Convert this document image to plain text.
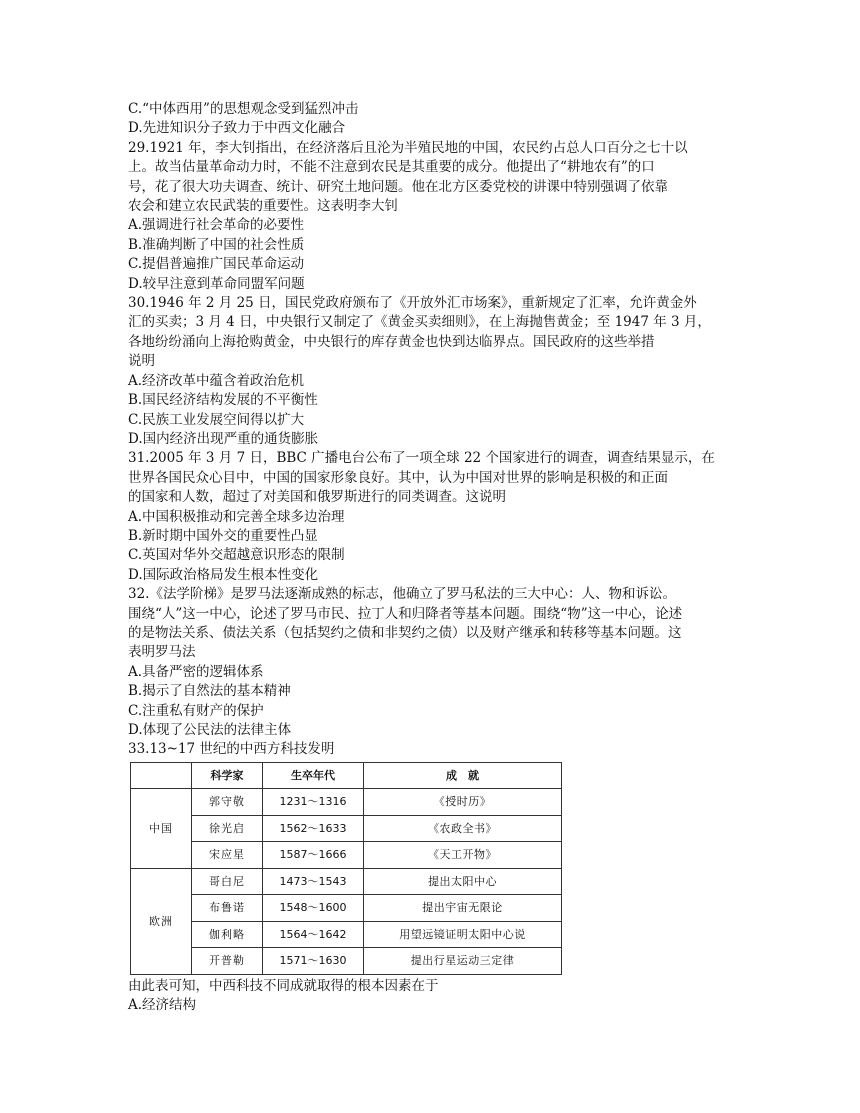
C.“中体西用”的思想观念受到猛烈冲击
D.先进知识分子致力于中西文化融合
29.1921 年，李大钊指出，在经济落后且沦为半殖民地的中国，农民约占总人口百分之七十以
上。故当估量革命动力时，不能不注意到农民是其重要的成分。他提出了“耕地农有”的口
号，花了很大功夫调查、统计、研究土地问题。他在北方区委党校的讲课中特别强调了依靠
农会和建立农民武装的重要性。这表明李大钊
A.强调进行社会革命的必要性
B.准确判断了中国的社会性质
C.提倡普遍推广国民革命运动
D.较早注意到革命同盟军问题
30.1946 年 2 月 25 日，国民党政府颁布了《开放外汇市场案》，重新规定了汇率，允许黄金外
汇的买卖；3 月 4 日，中央银行又制定了《黄金买卖细则》，在上海抛售黄金；至 1947 年 3 月，
各地纷纷涌向上海抢购黄金，中央银行的库存黄金也快到达临界点。国民政府的这些举措
说明
A.经济改革中蕴含着政治危机
B.国民经济结构发展的不平衡性
C.民族工业发展空间得以扩大
D.国内经济出现严重的通货膨胀
31.2005 年 3 月 7 日，BBC 广播电台公布了一项全球 22 个国家进行的调查，调查结果显示，在
世界各国民众心目中，中国的国家形象良好。其中，认为中国对世界的影响是积极的和正面
的国家和人数，超过了对美国和俄罗斯进行的同类调查。这说明
A.中国积极推动和完善全球多边治理
B.新时期中国外交的重要性凸显
C.英国对华外交超越意识形态的限制
D.国际政治格局发生根本性变化
32.《法学阶梯》是罗马法逐渐成熟的标志，他确立了罗马私法的三大中心：人、物和诉讼。
围绕“人”这一中心，论述了罗马市民、拉丁人和归降者等基本问题。围绕“物”这一中心，论述
的是物法关系、债法关系（包括契约之债和非契约之债）以及财产继承和转移等基本问题。这
表明罗马法
A.具备严密的逻辑体系
B.揭示了自然法的基本精神
C.注重私有财产的保护
D.体现了公民法的法律主体
33.13~17 世纪的中西方科技发明
	科学家	生卒年代	成　就
中国	郭守敬	1231～1316	《授时历》
	徐光启	1562～1633	《农政全书》
	宋应星	1587～1666	《天工开物》
欧洲	哥白尼	1473～1543	提出太阳中心
	布鲁诺	1548～1600	提出宇宙无限论
	伽利略	1564～1642	用望远镜证明太阳中心说
	开普勒	1571～1630	提出行星运动三定律
由此表可知，中西科技不同成就取得的根本因素在于
A.经济结构
